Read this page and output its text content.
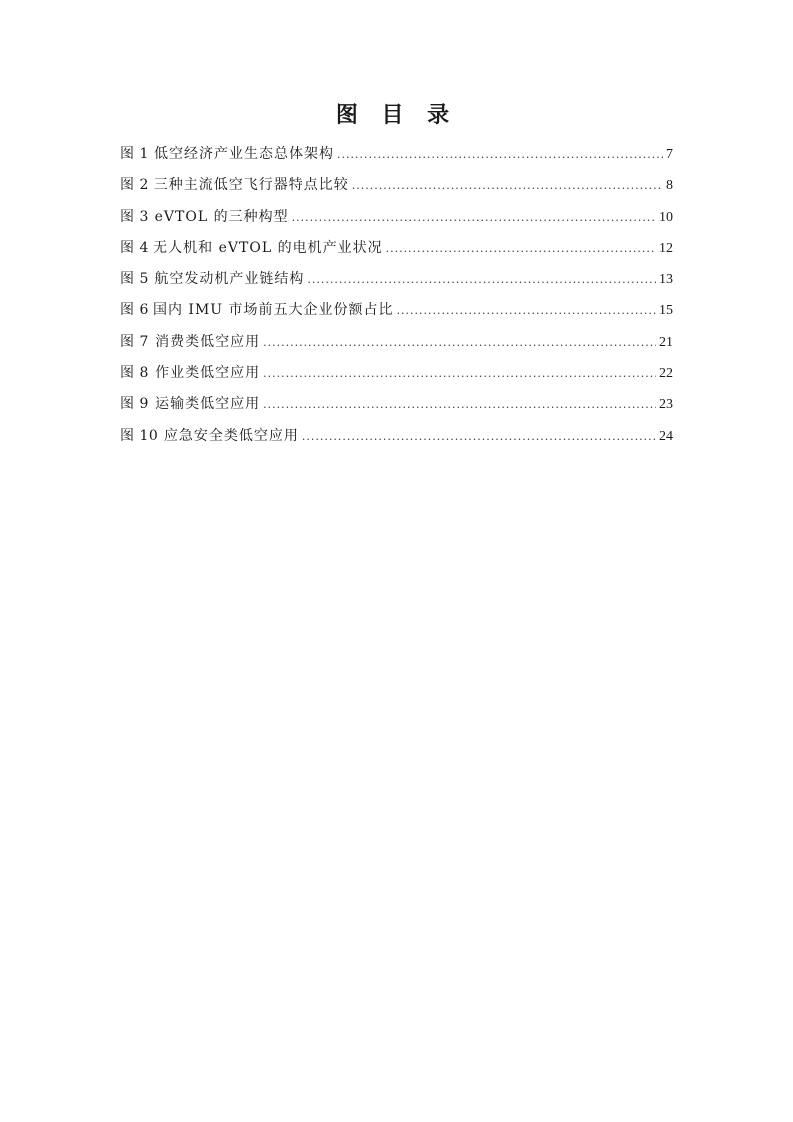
图 目 录
图 1 低空经济产业生态总体架构 .....	7
图 2 三种主流低空飞行器特点比较 .....	8
图 3 eVTOL 的三种构型 .....	10
图 4 无人机和 eVTOL 的电机产业状况 .....	12
图 5 航空发动机产业链结构 .....	13
图 6 国内 IMU 市场前五大企业份额占比 .....	15
图 7 消费类低空应用 .....	21
图 8 作业类低空应用 .....	22
图 9 运输类低空应用 .....	23
图 10 应急安全类低空应用 .....	24
